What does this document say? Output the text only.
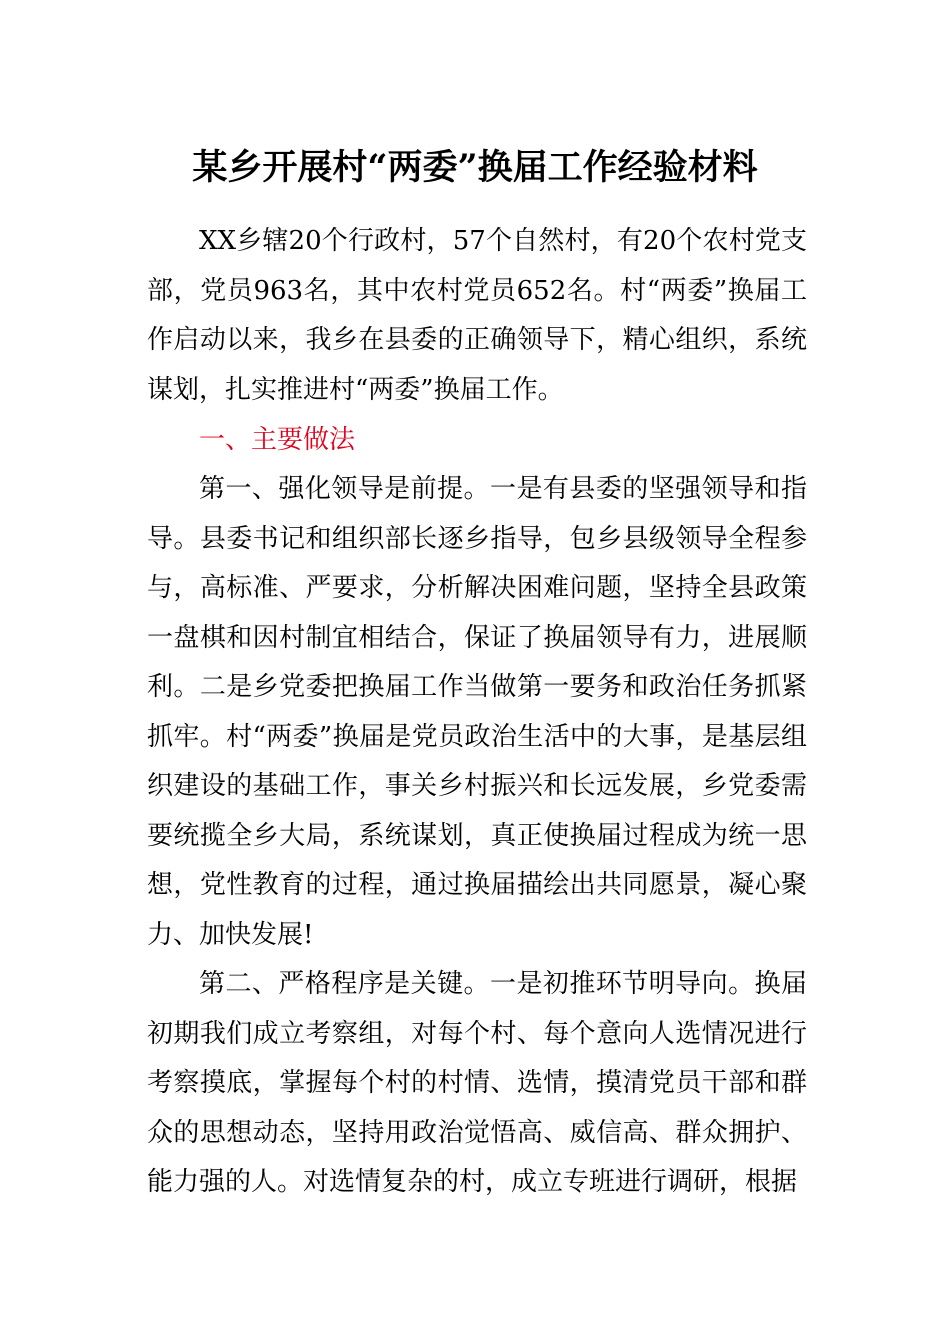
某乡开展村“两委”换届工作经验材料

XX乡辖20个行政村，57个自然村，有20个农村党支部，党员963名，其中农村党员652名。村“两委”换届工作启动以来，我乡在县委的正确领导下，精心组织，系统谋划，扎实推进村“两委”换届工作。

一、主要做法

第一、强化领导是前提。一是有县委的坚强领导和指导。县委书记和组织部长逐乡指导，包乡县级领导全程参与，高标准、严要求，分析解决困难问题，坚持全县政策一盘棋和因村制宜相结合，保证了换届领导有力，进展顺利。二是乡党委把换届工作当做第一要务和政治任务抓紧抓牢。村“两委”换届是党员政治生活中的大事，是基层组织建设的基础工作，事关乡村振兴和长远发展，乡党委需要统揽全乡大局，系统谋划，真正使换届过程成为统一思想，党性教育的过程，通过换届描绘出共同愿景，凝心聚力、加快发展!

第二、严格程序是关键。一是初推环节明导向。换届初期我们成立考察组，对每个村、每个意向人选情况进行考察摸底，掌握每个村的村情、选情，摸清党员干部和群众的思想动态，坚持用政治觉悟高、威信高、群众拥护、能力强的人。对选情复杂的村，成立专班进行调研，根据
